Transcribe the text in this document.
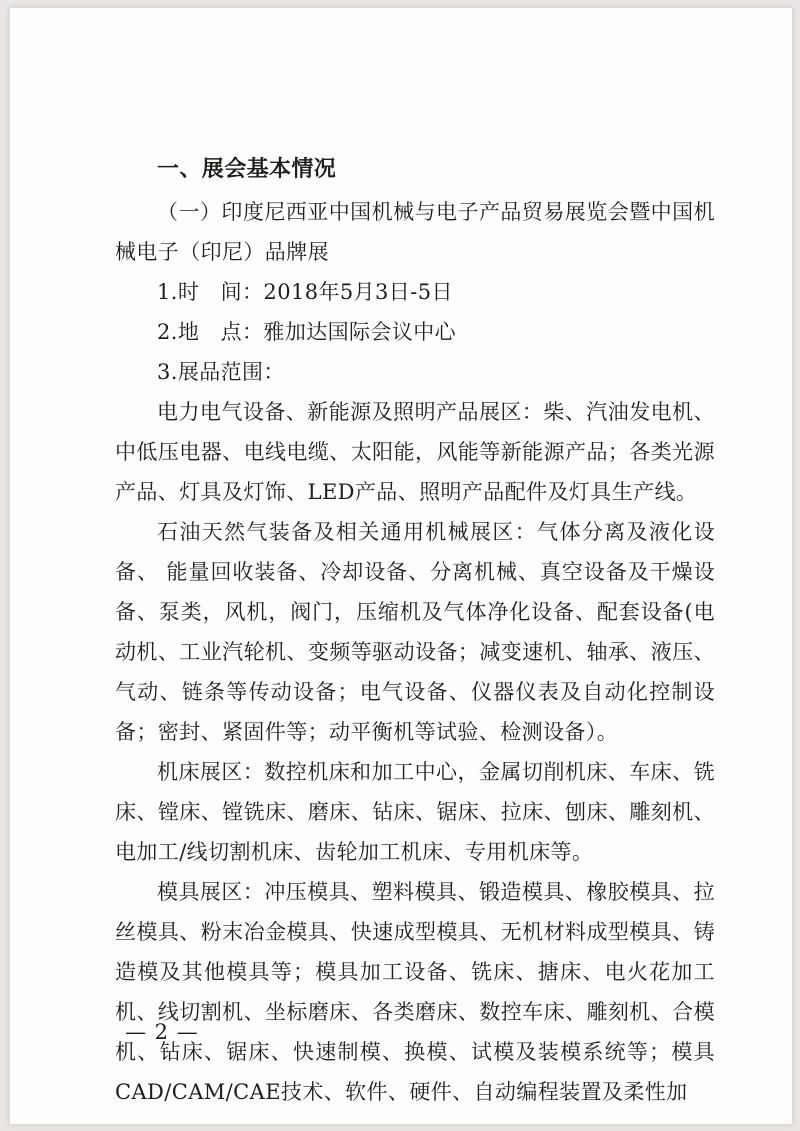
一、展会基本情况

（一）印度尼西亚中国机械与电子产品贸易展览会暨中国机械电子（印尼）品牌展

1.时　间：2018年5月3日-5日

2.地　点：雅加达国际会议中心

3.展品范围：

电力电气设备、新能源及照明产品展区：柴、汽油发电机、中低压电器、电线电缆、太阳能，风能等新能源产品；各类光源产品、灯具及灯饰、LED产品、照明产品配件及灯具生产线。

石油天然气装备及相关通用机械展区：气体分离及液化设备、 能量回收装备、冷却设备、分离机械、真空设备及干燥设备、泵类，风机，阀门，压缩机及气体净化设备、配套设备(电动机、工业汽轮机、变频等驱动设备；减变速机、轴承、液压、气动、链条等传动设备；电气设备、仪器仪表及自动化控制设备；密封、紧固件等；动平衡机等试验、检测设备）。

机床展区：数控机床和加工中心，金属切削机床、车床、铣床、镗床、镗铣床、磨床、钻床、锯床、拉床、刨床、雕刻机、电加工/线切割机床、齿轮加工机床、专用机床等。

模具展区：冲压模具、塑料模具、锻造模具、橡胶模具、拉丝模具、粉末冶金模具、快速成型模具、无机材料成型模具、铸造模及其他模具等；模具加工设备、铣床、搪床、电火花加工机、线切割机、坐标磨床、各类磨床、数控车床、雕刻机、合模机、钻床、锯床、快速制模、换模、试模及装模系统等；模具CAD/CAM/CAE技术、软件、硬件、自动编程装置及柔性加

— 2 —
